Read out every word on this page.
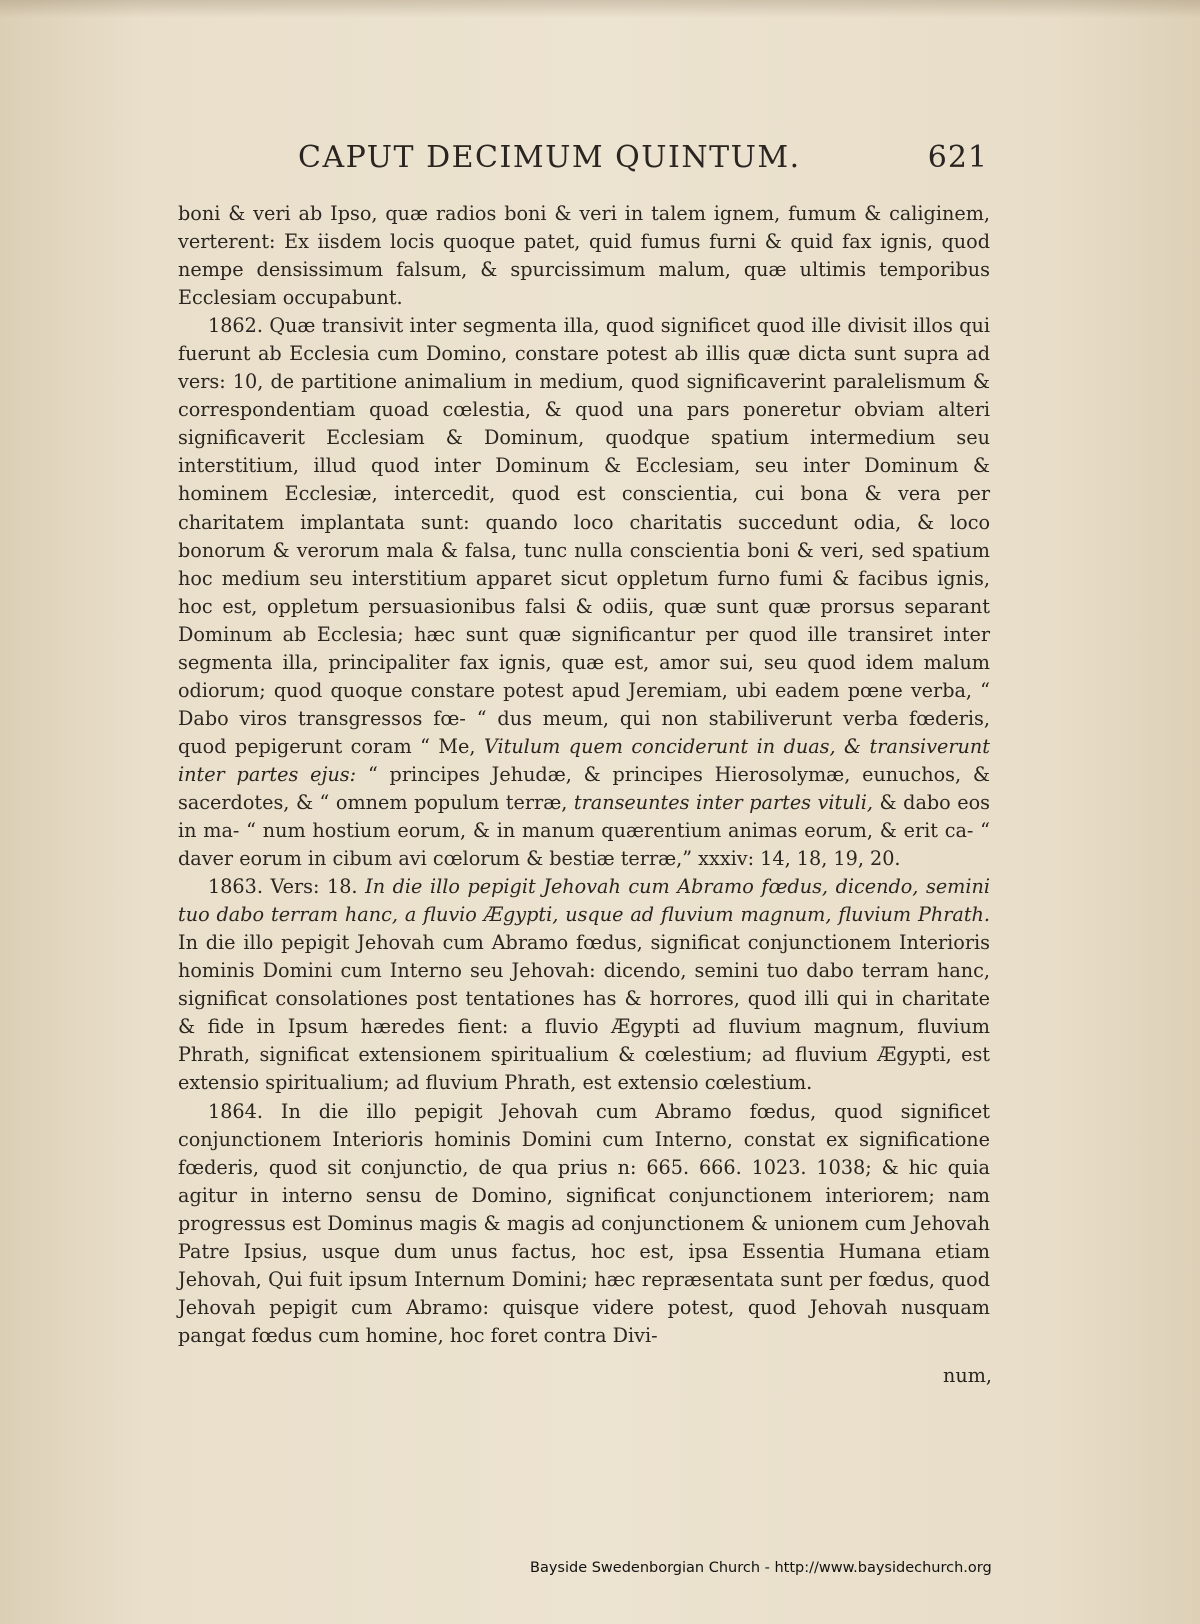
CAPUT DECIMUM QUINTUM.	621

boni & veri ab Ipso, quæ radios boni & veri in talem ignem, fumum & caliginem, verterent: Ex iisdem locis quoque patet, quid fumus furni & quid fax ignis, quod nempe densissimum falsum, & spurcissimum malum, quæ ultimis temporibus Ecclesiam occupabunt.

1862. Quæ transivit inter segmenta illa, quod significet quod ille divisit illos qui fuerunt ab Ecclesia cum Domino, constare potest ab illis quæ dicta sunt supra ad vers: 10, de partitione animalium in medium, quod significaverint paralelismum & correspondentiam quoad cœlestia, & quod una pars poneretur obviam alteri significaverit Ecclesiam & Dominum, quodque spatium intermedium seu interstitium, illud quod inter Dominum & Ecclesiam, seu inter Dominum & hominem Ecclesiæ, intercedit, quod est conscientia, cui bona & vera per charitatem implantata sunt: quando loco charitatis succedunt odia, & loco bonorum & verorum mala & falsa, tunc nulla conscientia boni & veri, sed spatium hoc medium seu interstitium apparet sicut oppletum furno fumi & facibus ignis, hoc est, oppletum persuasionibus falsi & odiis, quæ sunt quæ prorsus separant Dominum ab Ecclesia; hæc sunt quæ significantur per quod ille transiret inter segmenta illa, principaliter fax ignis, quæ est, amor sui, seu quod idem malum odiorum; quod quoque constare potest apud Jeremiam, ubi eadem pœne verba, “ Dabo viros transgressos fœ- “ dus meum, qui non stabiliverunt verba fœderis, quod pepigerunt coram “ Me, Vitulum quem conciderunt in duas, & transiverunt inter partes ejus: “ principes Jehudæ, & principes Hierosolymæ, eunuchos, & sacerdotes, & “ omnem populum terræ, transeuntes inter partes vituli, & dabo eos in ma- “ num hostium eorum, & in manum quærentium animas eorum, & erit ca- “ daver eorum in cibum avi cœlorum & bestiæ terræ,” xxxiv: 14, 18, 19, 20.

1863. Vers: 18. In die illo pepigit Jehovah cum Abramo fœdus, dicendo, semini tuo dabo terram hanc, a fluvio Ægypti, usque ad fluvium magnum, fluvium Phrath. In die illo pepigit Jehovah cum Abramo fœdus, significat conjunctionem Interioris hominis Domini cum Interno seu Jehovah: dicendo, semini tuo dabo terram hanc, significat consolationes post tentationes has & horrores, quod illi qui in charitate & fide in Ipsum hæredes fient: a fluvio Ægypti ad fluvium magnum, fluvium Phrath, significat extensionem spiritualium & cœlestium; ad fluvium Ægypti, est extensio spiritualium; ad fluvium Phrath, est extensio cœlestium.

1864. In die illo pepigit Jehovah cum Abramo fœdus, quod significet conjunctionem Interioris hominis Domini cum Interno, constat ex significatione fœderis, quod sit conjunctio, de qua prius n: 665. 666. 1023. 1038; & hic quia agitur in interno sensu de Domino, significat conjunctionem interiorem; nam progressus est Dominus magis & magis ad conjunctionem & unionem cum Jehovah Patre Ipsius, usque dum unus factus, hoc est, ipsa Essentia Humana etiam Jehovah, Qui fuit ipsum Internum Domini; hæc repræsentata sunt per fœdus, quod Jehovah pepigit cum Abramo: quisque videre potest, quod Jehovah nusquam pangat fœdus cum homine, hoc foret contra Divi-

num,
Bayside Swedenborgian Church - http://www.baysidechurch.org
